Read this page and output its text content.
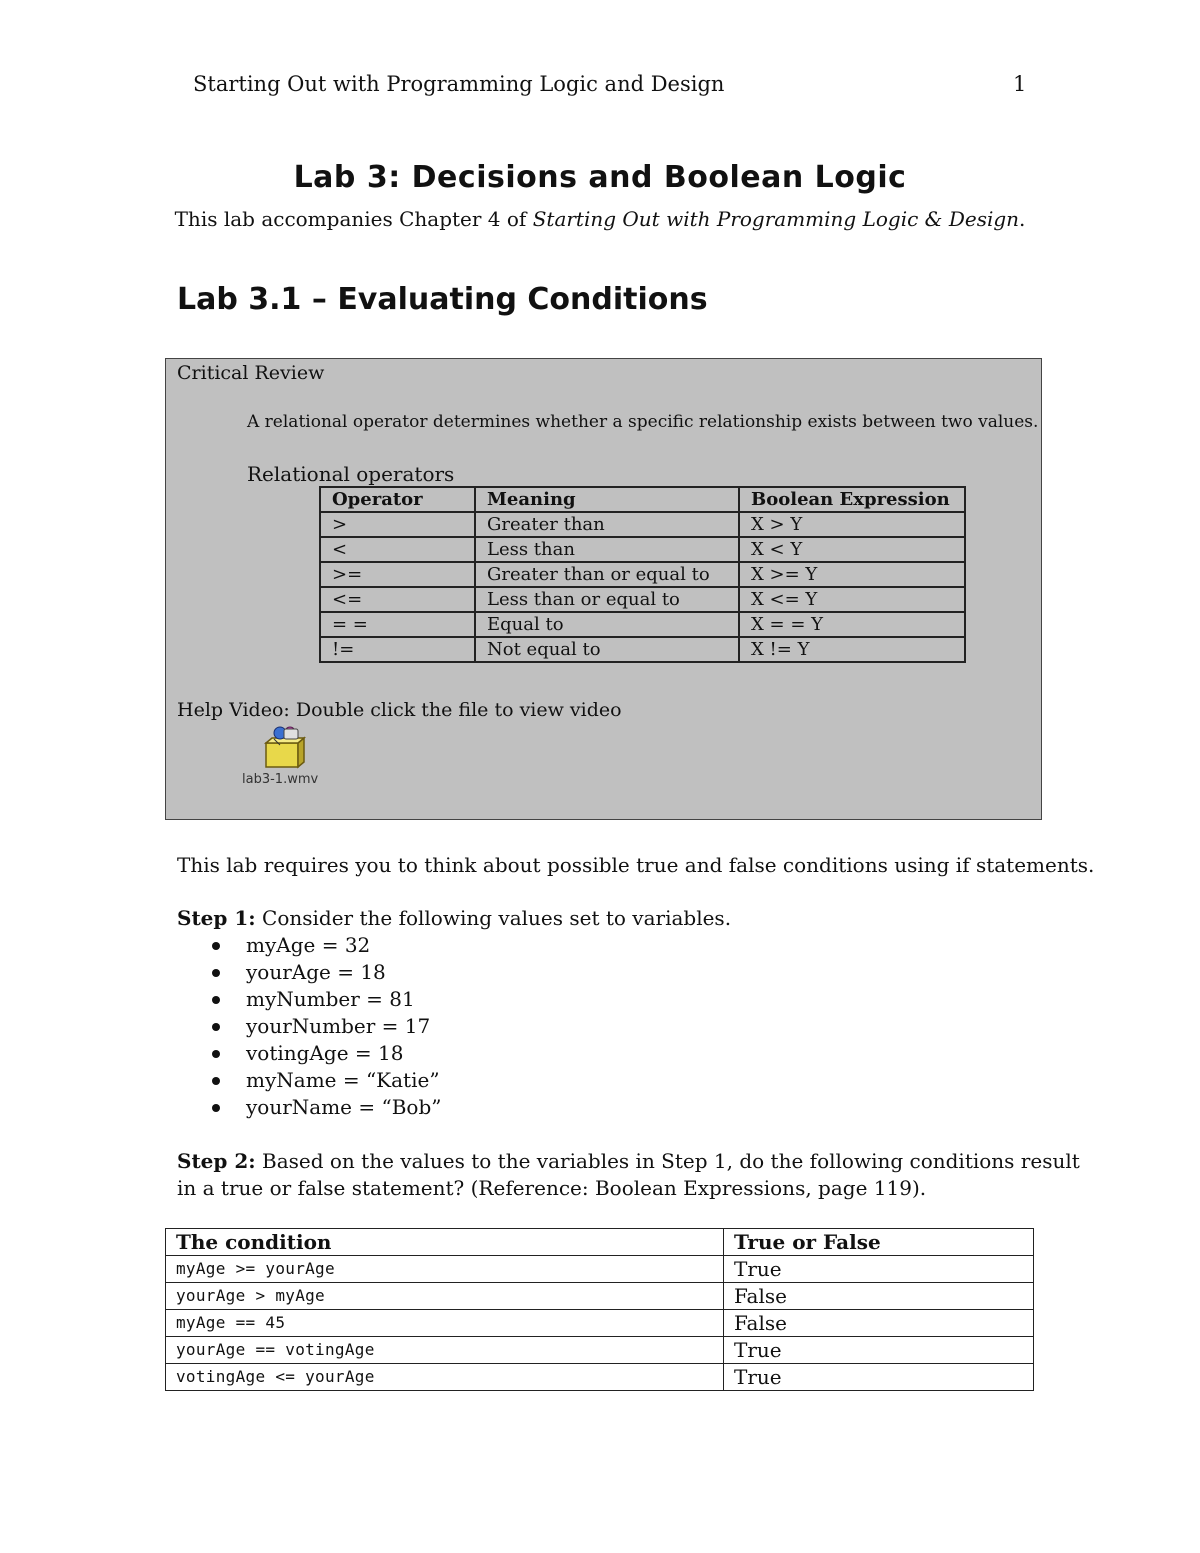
Starting Out with Programming Logic and Design	1
Lab 3: Decisions and Boolean Logic
This lab accompanies Chapter 4 of Starting Out with Programming Logic & Design.
Lab 3.1 – Evaluating Conditions
Critical Review
A relational operator determines whether a specific relationship exists between two values.
Relational operators
Operator	Meaning	Boolean Expression
>	Greater than	X > Y
<	Less than	X < Y
>=	Greater than or equal to	X >= Y
<=	Less than or equal to	X <= Y
= =	Equal to	X = = Y
!=	Not equal to	X != Y
Help Video: Double click the file to view video
lab3-1.wmv
This lab requires you to think about possible true and false conditions using if statements.
Step 1: Consider the following values set to variables.
myAge = 32
yourAge = 18
myNumber = 81
yourNumber = 17
votingAge = 18
myName = “Katie”
yourName = “Bob”
Step 2: Based on the values to the variables in Step 1, do the following conditions result
in a true or false statement? (Reference: Boolean Expressions, page 119).
The condition	True or False
myAge >= yourAge	True
yourAge > myAge	False
myAge == 45	False
yourAge == votingAge	True
votingAge <= yourAge	True
